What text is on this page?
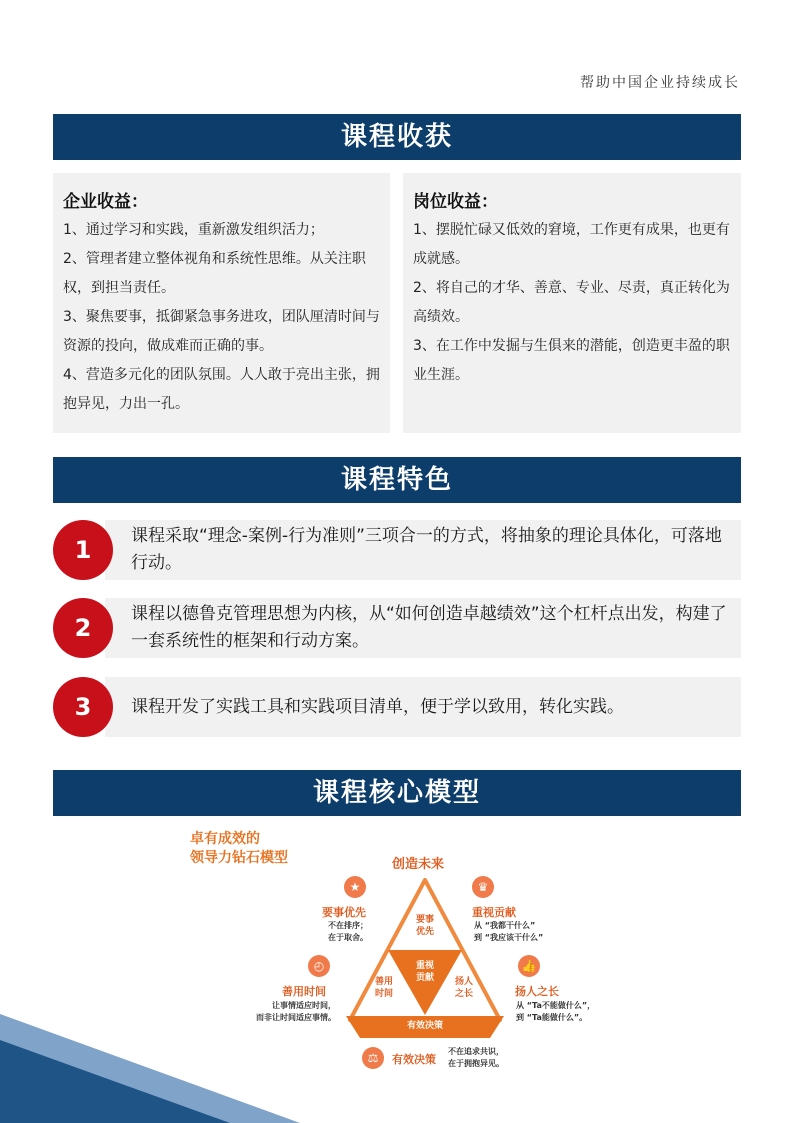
帮助中国企业持续成长
课程收获
企业收益：

1、通过学习和实践，重新激发组织活力；

2、管理者建立整体视角和系统性思维。从关注职权，到担当责任。

3、聚焦要事，抵御紧急事务进攻，团队厘清时间与资源的投向，做成难而正确的事。

4、营造多元化的团队氛围。人人敢于亮出主张，拥抱异见，力出一孔。

岗位收益：

1、摆脱忙碌又低效的窘境，工作更有成果，也更有成就感。

2、将自己的才华、善意、专业、尽责，真正转化为高绩效。

3、在工作中发掘与生俱来的潜能，创造更丰盈的职业生涯。

课程特色
1	课程采取“理念-案例-行为准则”三项合一的方式，将抽象的理论具体化，可落地行动。
2	课程以德鲁克管理思想为内核，从“如何创造卓越绩效”这个杠杆点出发，构建了一套系统性的框架和行动方案。
3	课程开发了实践工具和实践项目清单，便于学以致用，转化实践。
课程核心模型
卓有成效的
领导力钻石模型	创造未来
要事
优先
重视
贡献
善用
时间
扬人
之长
有效决策
★
要事优先
不在排序；
在于取舍。
♛
重视贡献
从 “我都干什么”
到 “我应该干什么”
◴
善用时间
让事情适应时间，
而非让时间适应事情。
👍
扬人之长
从 “Ta不能做什么”，
到 “Ta能做什么”。
⚖	有效决策
不在追求共识，
在于拥抱异见。
